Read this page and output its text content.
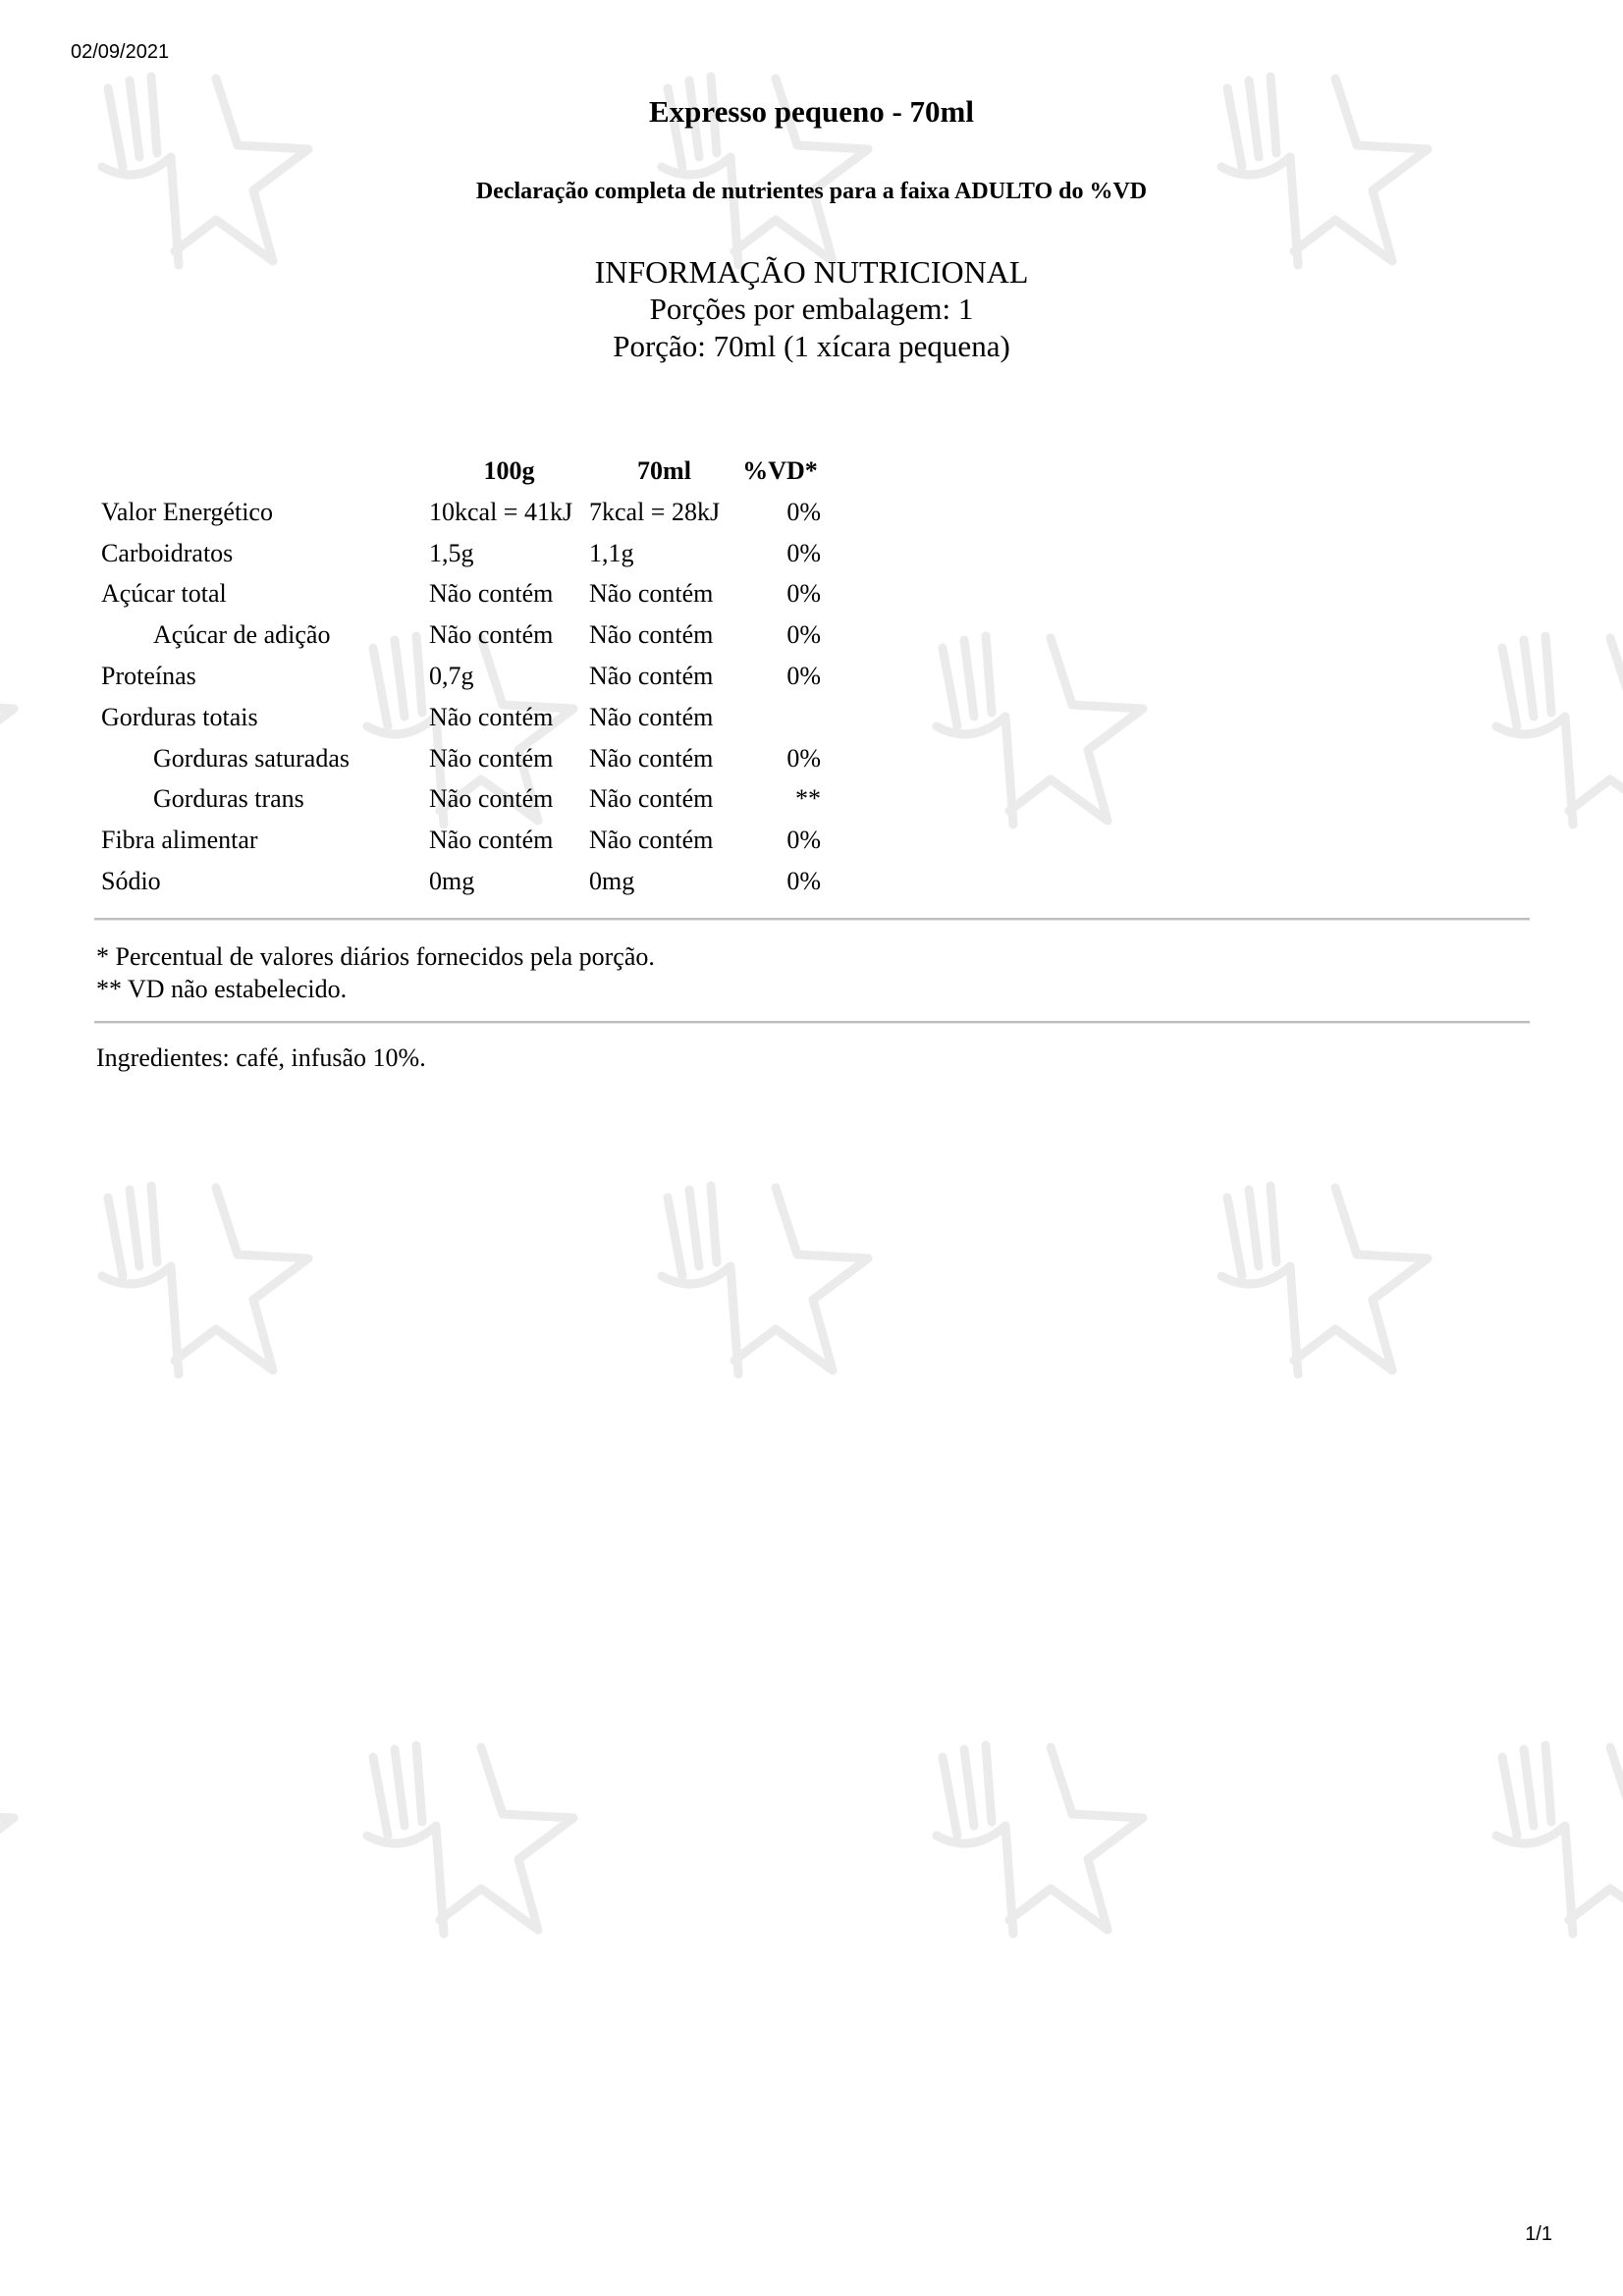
02/09/2021
Expresso pequeno - 70ml
Declaração completa de nutrientes para a faixa ADULTO do %VD
INFORMAÇÃO NUTRICIONAL
Porções por embalagem: 1
Porção: 70ml (1 xícara pequena)
	100g	70ml	%VD*
Valor Energético	10kcal = 41kJ	7kcal = 28kJ	0%
Carboidratos	1,5g	1,1g	0%
Açúcar total	Não contém	Não contém	0%
Açúcar de adição	Não contém	Não contém	0%
Proteínas	0,7g	Não contém	0%
Gorduras totais	Não contém	Não contém	
Gorduras saturadas	Não contém	Não contém	0%
Gorduras trans	Não contém	Não contém	**
Fibra alimentar	Não contém	Não contém	0%
Sódio	0mg	0mg	0%
* Percentual de valores diários fornecidos pela porção.
** VD não estabelecido.
Ingredientes: café, infusão 10%.
1/1
